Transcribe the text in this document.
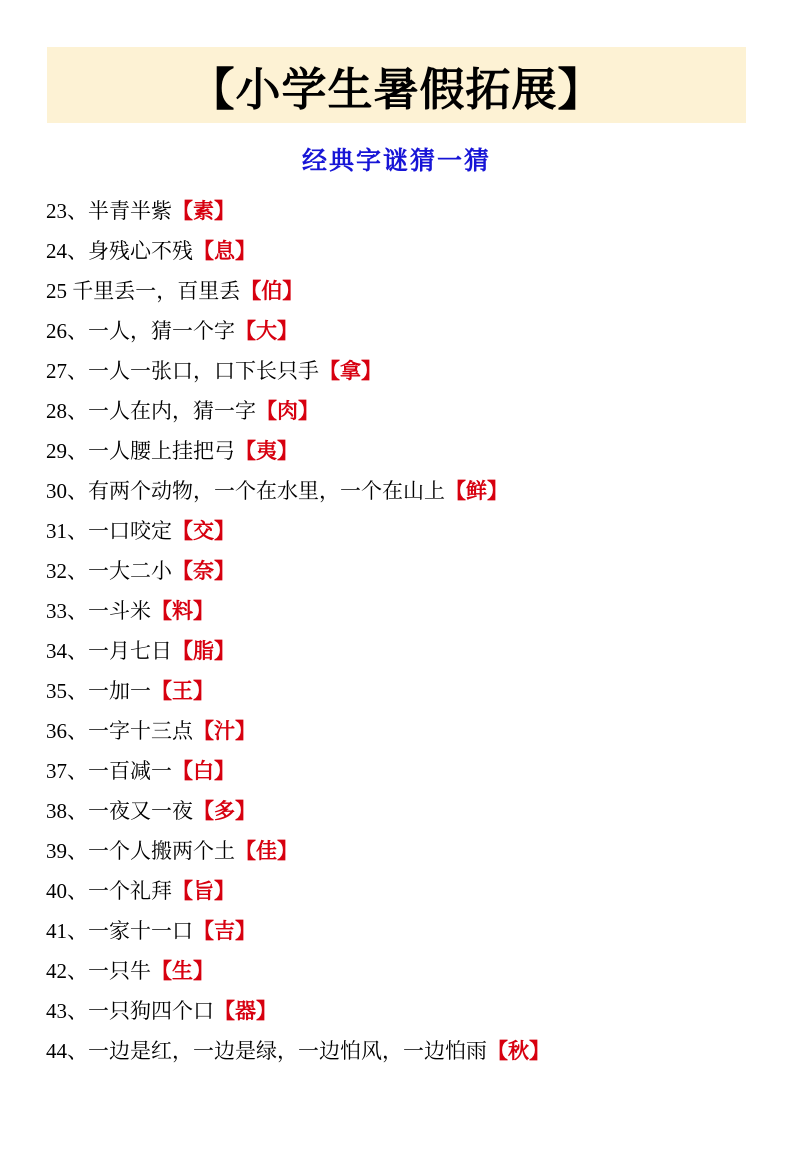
【小学生暑假拓展】
经典字谜猜一猜
23、半青半紫【素】
24、身残心不残【息】
25 千里丢一，百里丢【伯】
26、一人，猜一个字【大】
27、一人一张口，口下长只手【拿】
28、一人在内，猜一字【肉】
29、一人腰上挂把弓【夷】
30、有两个动物，一个在水里，一个在山上【鲜】
31、一口咬定【交】
32、一大二小【奈】
33、一斗米【料】
34、一月七日【脂】
35、一加一【王】
36、一字十三点【汁】
37、一百减一【白】
38、一夜又一夜【多】
39、一个人搬两个土【佳】
40、一个礼拜【旨】
41、一家十一口【吉】
42、一只牛【生】
43、一只狗四个口【器】
44、一边是红，一边是绿，一边怕风，一边怕雨【秋】
